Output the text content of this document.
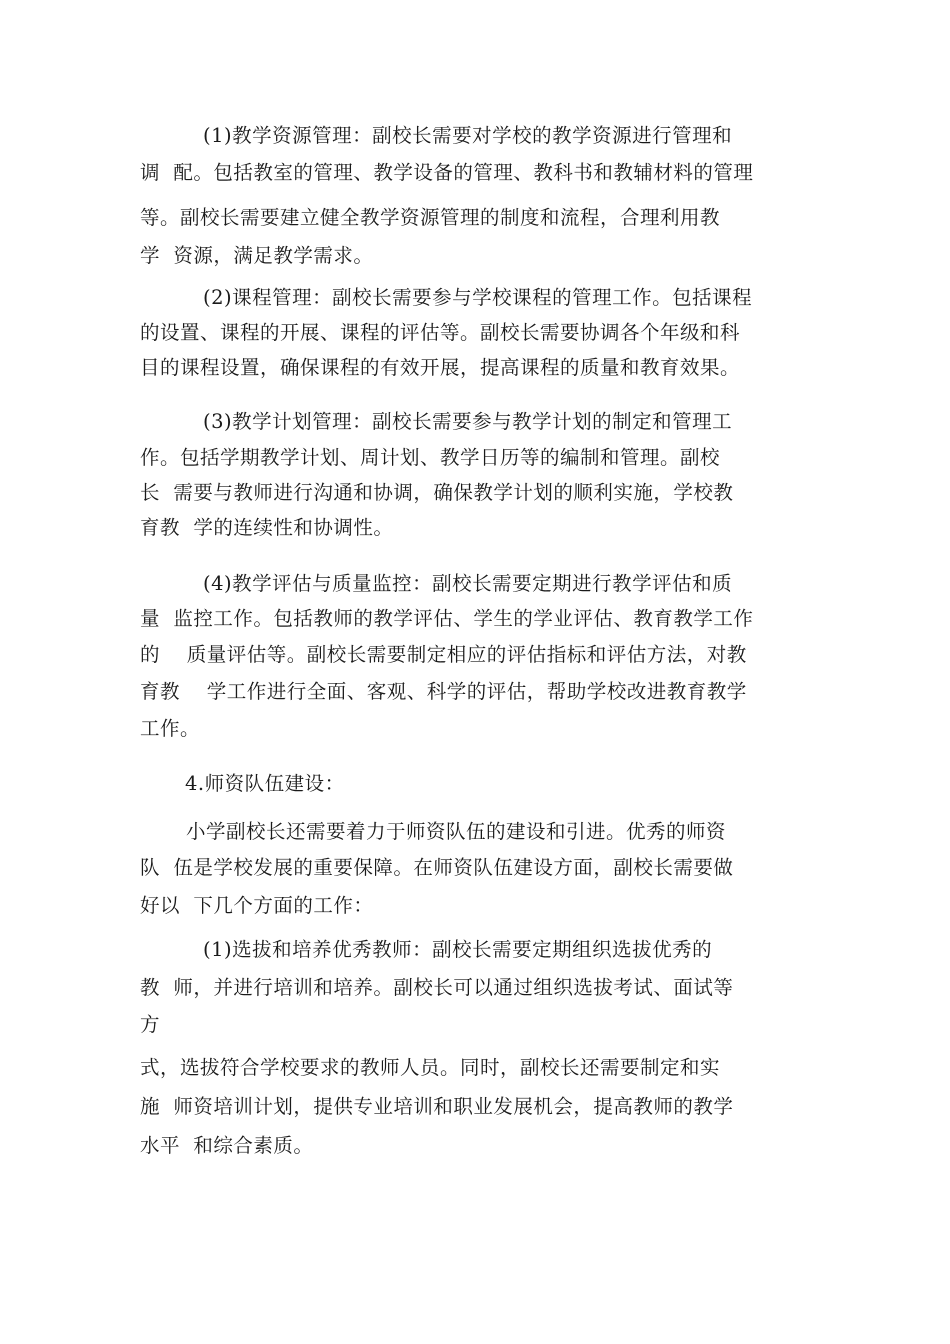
(1)教学资源管理：副校长需要对学校的教学资源进行管理和
调  配。包括教室的管理、教学设备的管理、教科书和教辅材料的管理
等。副校长需要建立健全教学资源管理的制度和流程，合理利用教
学  资源，满足教学需求。
(2)课程管理：副校长需要参与学校课程的管理工作。包括课程
的设置、课程的开展、课程的评估等。副校长需要协调各个年级和科
目的课程设置，确保课程的有效开展，提高课程的质量和教育效果。
(3)教学计划管理：副校长需要参与教学计划的制定和管理工
作。包括学期教学计划、周计划、教学日历等的编制和管理。副校
长  需要与教师进行沟通和协调，确保教学计划的顺利实施，学校教
育教  学的连续性和协调性。
(4)教学评估与质量监控：副校长需要定期进行教学评估和质
量  监控工作。包括教师的教学评估、学生的学业评估、教育教学工作
的    质量评估等。副校长需要制定相应的评估指标和评估方法，对教
育教    学工作进行全面、客观、科学的评估，帮助学校改进教育教学
工作。
4.师资队伍建设：
小学副校长还需要着力于师资队伍的建设和引进。优秀的师资
队  伍是学校发展的重要保障。在师资队伍建设方面，副校长需要做
好以  下几个方面的工作：
(1)选拔和培养优秀教师：副校长需要定期组织选拔优秀的
教  师，并进行培训和培养。副校长可以通过组织选拔考试、面试等
方
式，选拔符合学校要求的教师人员。同时，副校长还需要制定和实
施  师资培训计划，提供专业培训和职业发展机会，提高教师的教学
水平  和综合素质。
